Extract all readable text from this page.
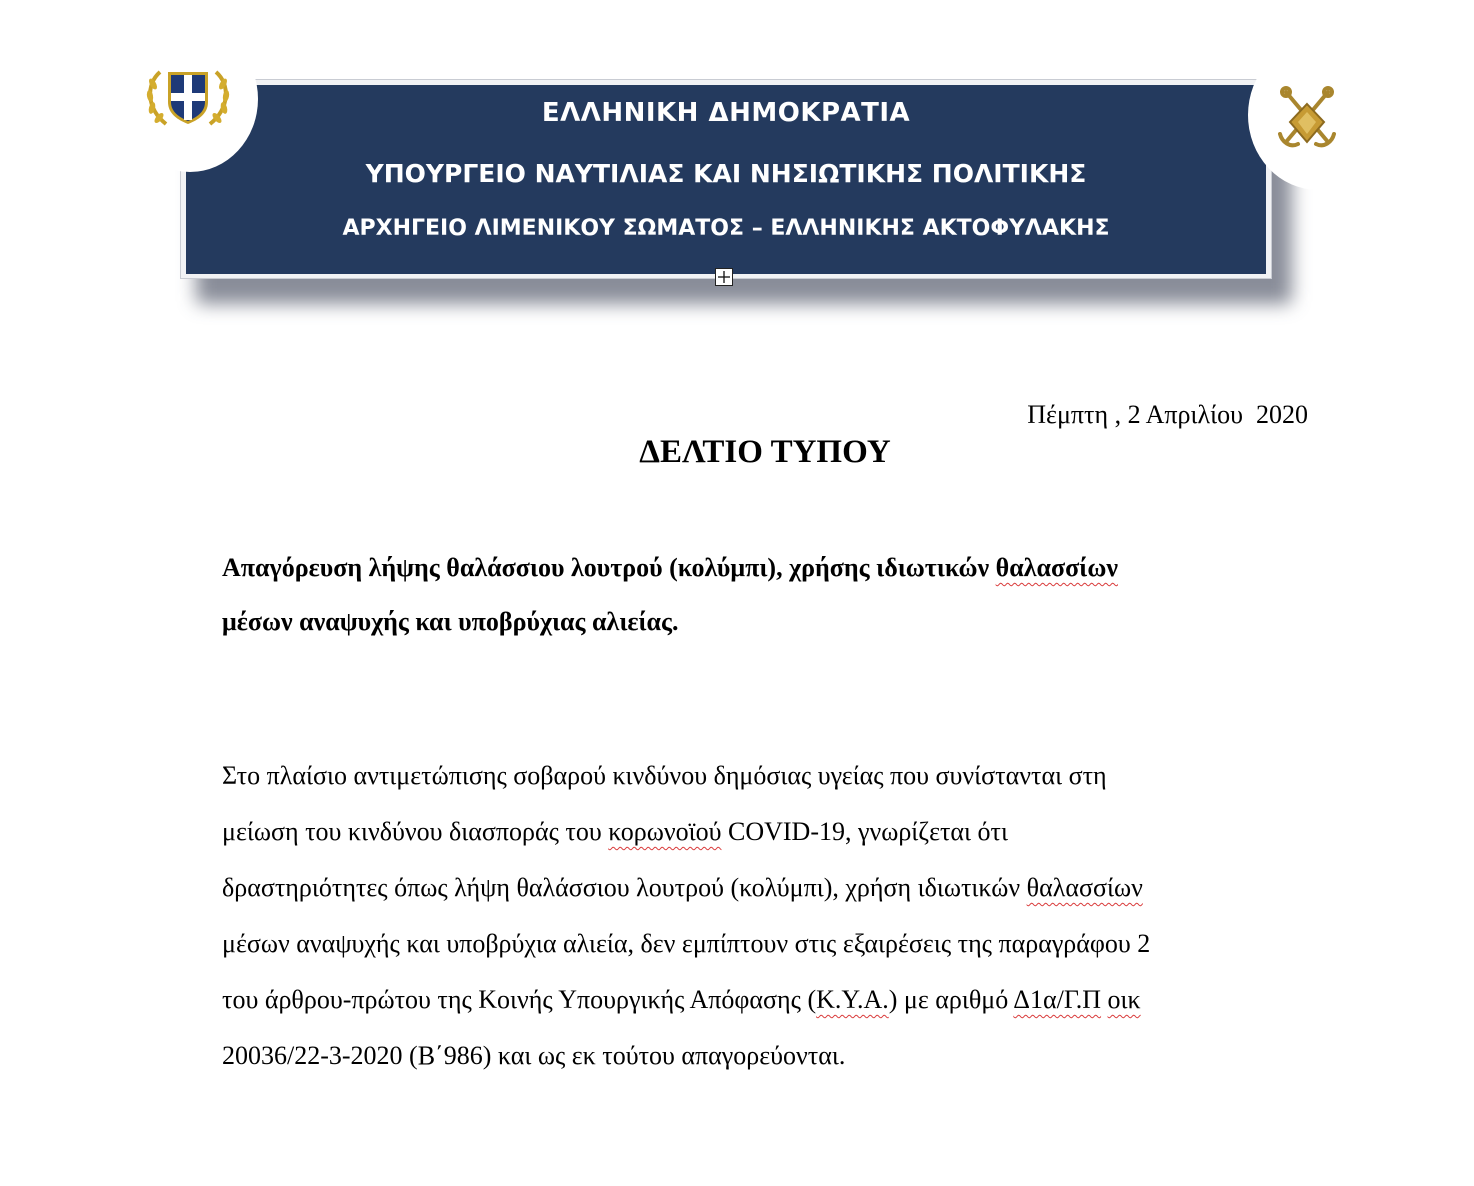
ΕΛΛΗΝΙΚΗ ΔΗΜΟΚΡΑΤΙΑ

ΥΠΟΥΡΓΕΙΟ ΝΑΥΤΙΛΙΑΣ ΚΑΙ ΝΗΣΙΩΤΙΚΗΣ ΠΟΛΙΤΙΚΗΣ

ΑΡΧΗΓΕΙΟ ΛΙΜΕΝΙΚΟΥ ΣΩΜΑΤΟΣ – ΕΛΛΗΝΙΚΗΣ ΑΚΤΟΦΥΛΑΚΗΣ

Πέμπτη , 2 Απριλίου  2020

ΔΕΛΤΙΟ ΤΥΠΟΥ

Απαγόρευση λήψης θαλάσσιου λουτρού (κολύμπι), χρήσης ιδιωτικών θαλασσίων
μέσων αναψυχής και υποβρύχιας αλιείας.

Στο πλαίσιο αντιμετώπισης σοβαρού κινδύνου δημόσιας υγείας που συνίστανται στη
μείωση του κινδύνου διασποράς του κορωνοϊού COVID-19, γνωρίζεται ότι
δραστηριότητες όπως λήψη θαλάσσιου λουτρού (κολύμπι), χρήση ιδιωτικών θαλασσίων
μέσων αναψυχής και υποβρύχια αλιεία, δεν εμπίπτουν στις εξαιρέσεις της παραγράφου 2
του άρθρου-πρώτου της Κοινής Υπουργικής Απόφασης (Κ.Υ.Α.) με αριθμό Δ1α/Γ.Π οικ
20036/22-3-2020 (Β΄986) και ως εκ τούτου απαγορεύονται.
